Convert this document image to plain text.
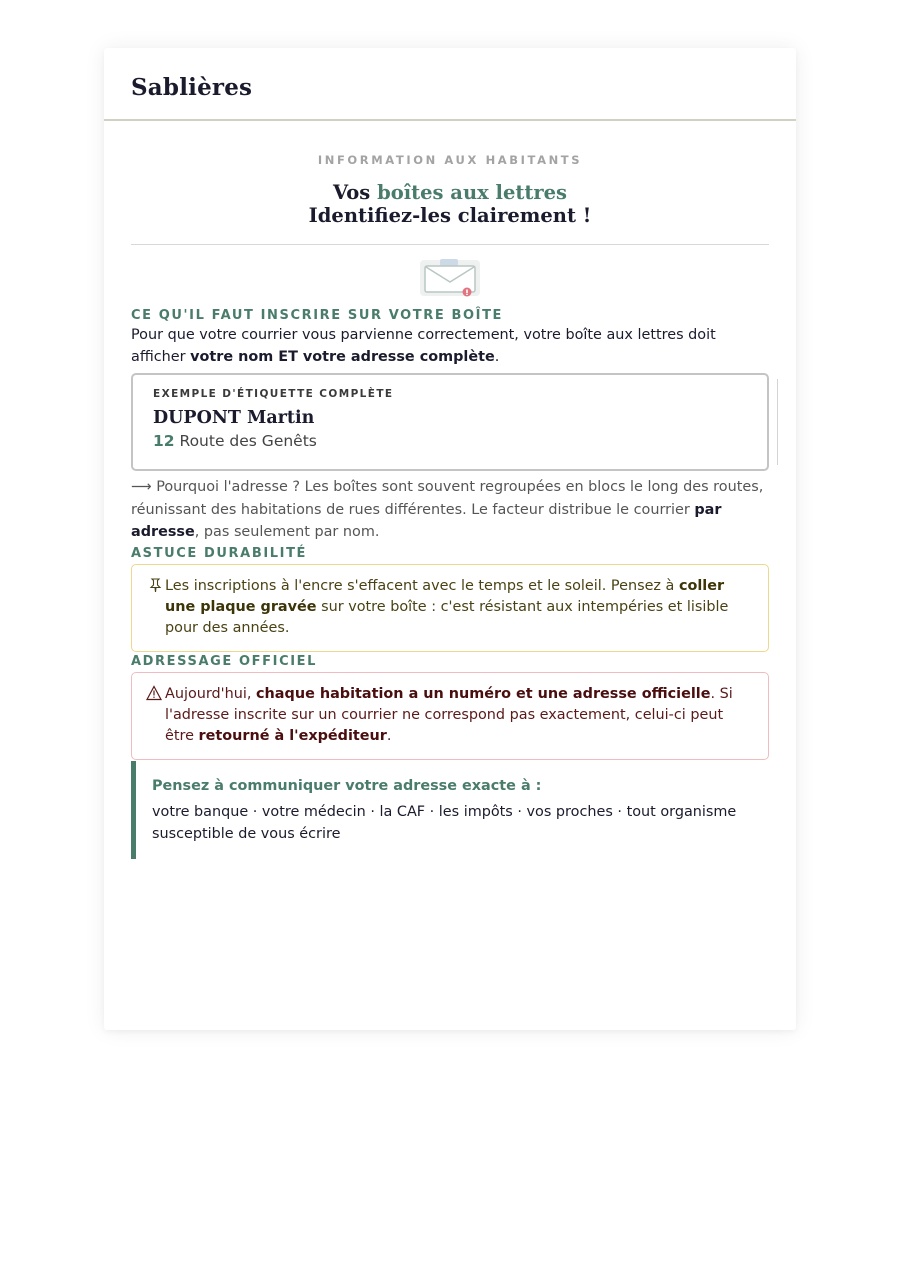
Sablières
INFORMATION AUX HABITANTS
Vos boîtes aux lettres
Identifiez-les clairement !
CE QU'IL FAUT INSCRIRE SUR VOTRE BOÎTE
Pour que votre courrier vous parvienne correctement, votre boîte aux lettres doit afficher votre nom ET votre adresse complète.
EXEMPLE D'ÉTIQUETTE COMPLÈTE
DUPONT Martin
12 Route des Genêts
⟶ Pourquoi l'adresse ? Les boîtes sont souvent regroupées en blocs le long des routes, réunissant des habitations de rues différentes. Le facteur distribue le courrier par adresse, pas seulement par nom.
ASTUCE DURABILITÉ
Les inscriptions à l'encre s'effacent avec le temps et le soleil. Pensez à coller une plaque gravée sur votre boîte : c'est résistant aux intempéries et lisible pour des années.
ADRESSAGE OFFICIEL
Aujourd'hui, chaque habitation a un numéro et une adresse officielle. Si l'adresse inscrite sur un courrier ne correspond pas exactement, celui-ci peut être retourné à l'expéditeur.
Pensez à communiquer votre adresse exacte à :
votre banque · votre médecin · la CAF · les impôts · vos proches · tout organisme susceptible de vous écrire
